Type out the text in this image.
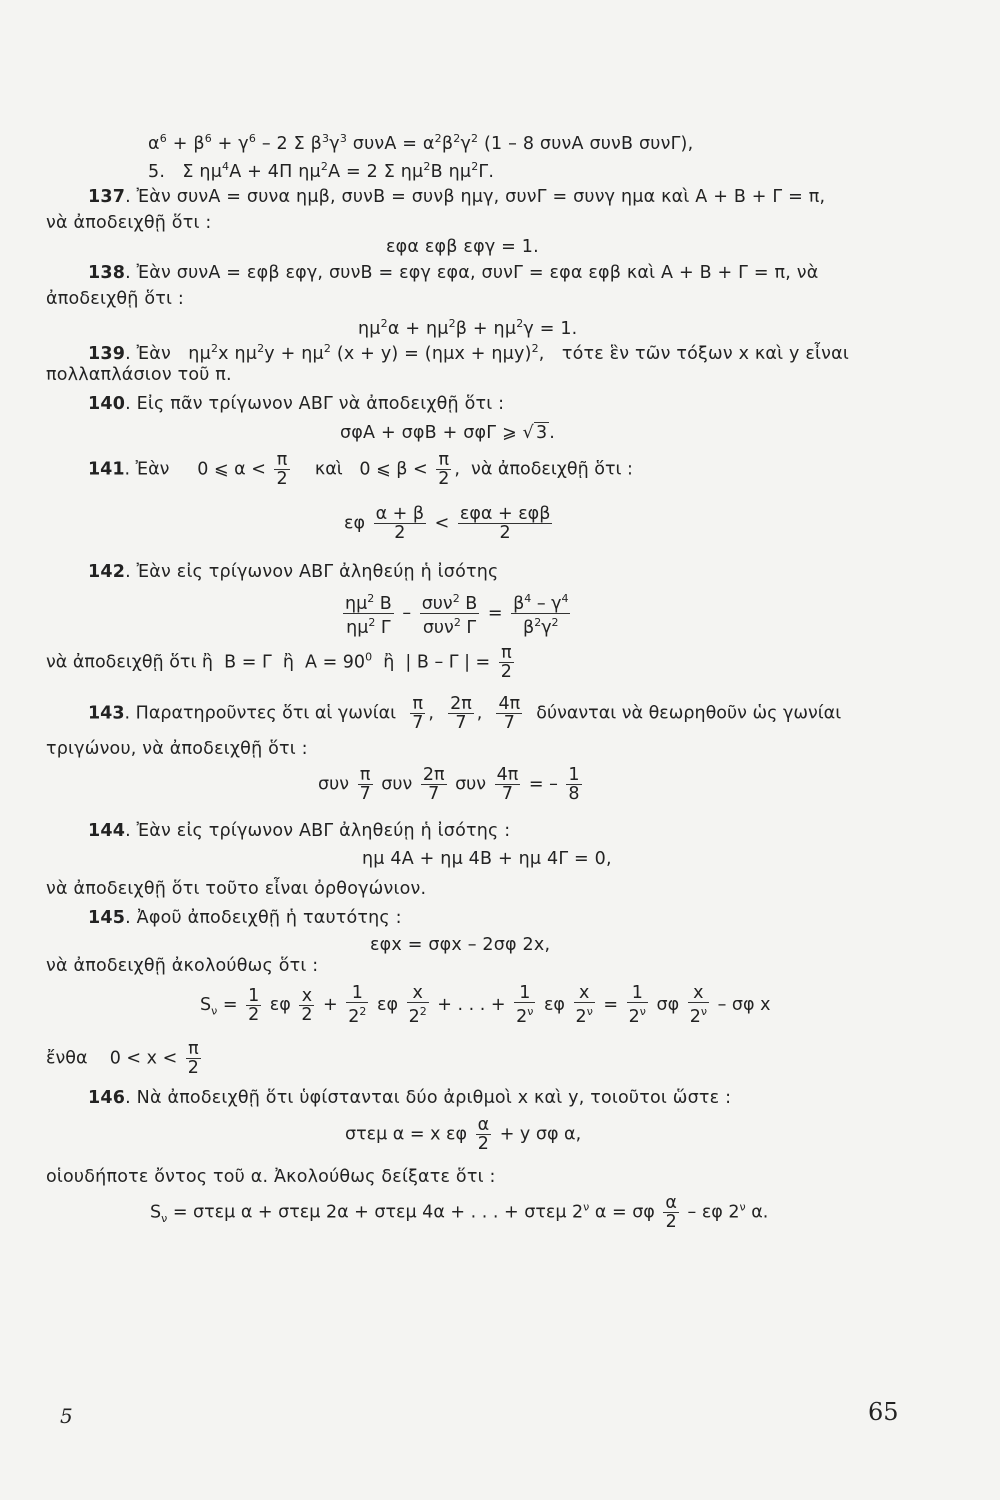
$\alpha^6 + \beta^6 + \gamma^6 - 2$ Σ $\beta^3\gamma^3$ $\sigma\upsilon\nu A = \alpha^2\beta^2\gamma^2$ (1 – 8 συνΑ συνΒ συνΓ),
5.   Σ $\eta\mu^4A + 4\Pi$ $\eta\mu^2A = 2$ Σ $\eta\mu^2B$ $\eta\mu^2\Gamma$.
137. Ἐὰν συνΑ = συνα ημβ, συνΒ = συνβ ημγ, συνΓ = συνγ ημα καὶ Α + Β + Γ = π,
νὰ ἀποδειχθῇ ὅτι :
εφα εφβ εφγ = 1.
138. Ἐὰν συνΑ = εφβ εφγ, συνΒ = εφγ εφα, συνΓ = εφα εφβ καὶ Α + Β + Γ = π, νὰ
ἀποδειχθῇ ὅτι :
$\eta\mu^2\alpha + \eta\mu^2\beta + \eta\mu^2\gamma = 1$.
139. Ἐὰν   $\eta\mu^2x$ $\eta\mu^2y + \eta\mu^2$ $(x + y) = (\eta\mu x + \eta\mu y)^2$,   τότε ἓν τῶν τόξων x καὶ y εἶναι
πολλαπλάσιον τοῦ π.
140. Εἰς πᾶν τρίγωνον ΑΒΓ νὰ ἀποδειχθῇ ὅτι :
σφΑ + σφΒ + σφΓ ⩾ √ 3 .
141. Ἐὰν     0 ⩽ $\alpha < \frac{\pi}{2}$ καὶ   0 ⩽ $\beta < \frac{\pi}{2}$ ,  νὰ ἀποδειχθῇ ὅτι :
εφ $\frac{\alpha + \beta}{2} < \frac{\text{εφα + εφβ}}{2}$
142. Ἐὰν εἰς τρίγωνον ΑΒΓ ἀληθεύῃ ἡ ἰσότης
$\frac{\eta\mu^2 B}{\eta\mu^2 \Gamma} - \frac{\sigma\upsilon\nu^2 B}{\sigma\upsilon\nu^2 \Gamma} = \frac{\beta^4 - \gamma^4}{\beta^2\gamma^2}$
νὰ ἀποδειχθῇ ὅτι ἢ  Β = Γ  ἢ  $A = 90^0$  ἢ  | Β – Γ | = $\frac{\pi}{2}$
143. Παρατηροῦντες ὅτι αἱ γωνίαι $\frac{\pi}{7}$ , $\frac{2\pi}{7}$ , $\frac{4\pi}{7}$ δύνανται νὰ θεωρηθοῦν ὡς γωνίαι
τριγώνου, νὰ ἀποδειχθῇ ὅτι :
συν $\frac{\pi}{7}$ συν $\frac{2\pi}{7}$ συν $\frac{4\pi}{7}$ = – $\frac{1}{8}$
144. Ἐὰν εἰς τρίγωνον ΑΒΓ ἀληθεύῃ ἡ ἰσότης :
ημ 4Α + ημ 4Β + ημ 4Γ = 0,
νὰ ἀποδειχθῇ ὅτι τοῦτο εἶναι ὀρθογώνιον.
145. Ἀφοῦ ἀποδειχθῇ ἡ ταυτότης :
εφx = σφx – 2σφ 2x,
νὰ ἀποδειχθῇ ἀκολούθως ὅτι :
$S_\nu = \frac{1}{2}$ εφ $\frac{x}{2} + \frac{1}{2^2}$ εφ $\frac{x}{2^2}$ + . . . + $\frac{1}{2^\nu}$ εφ $\frac{x}{2^\nu} = \frac{1}{2^\nu}$ σφ $\frac{x}{2^\nu}$ – σφ x
ἔνθα    $0 < x < \frac{\pi}{2}$
146. Νὰ ἀποδειχθῇ ὅτι ὑφίστανται δύο ἀριθμοὶ x καὶ y, τοιοῦτοι ὥστε :
στεμ α = x εφ $\frac{\alpha}{2} + y$ σφ α,
οἱουδήποτε ὄντος τοῦ α. Ἀκολούθως δείξατε ὅτι :
$S_\nu = \sigma\tau\varepsilon\mu$ α + στεμ 2α + στεμ 4α + . . . + στεμ $2^\nu$ α = σφ $\frac{\alpha}{2}$ – εφ $2^\nu$ α.
5	65
